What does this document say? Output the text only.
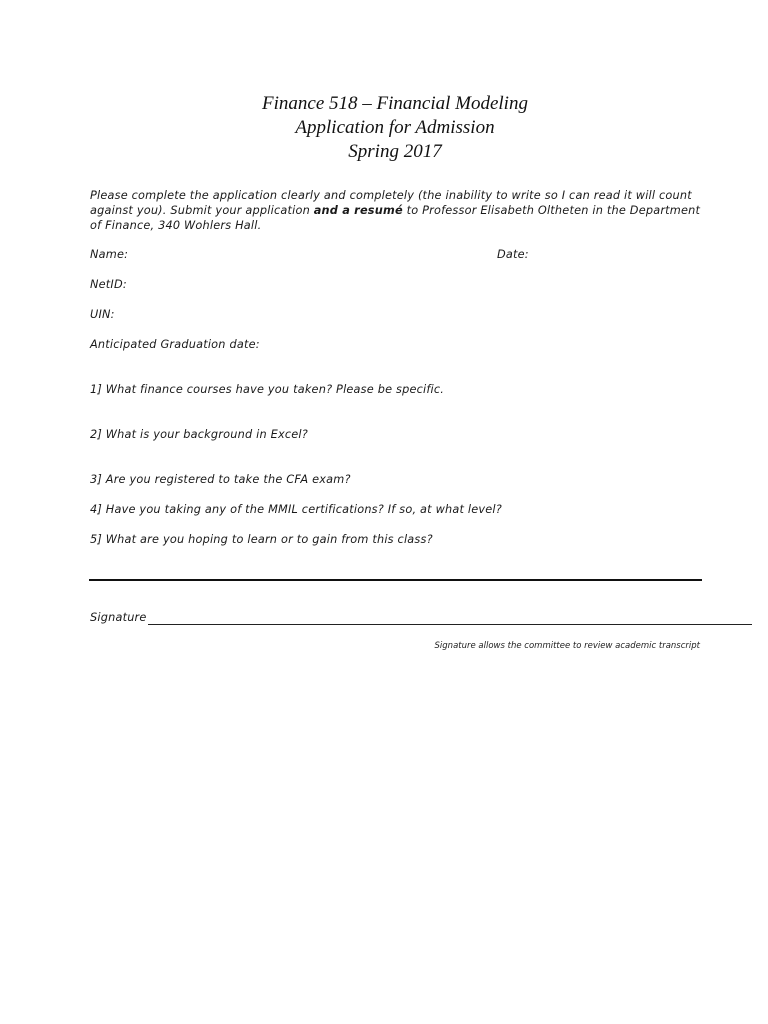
Finance 518 – Financial Modeling
Application for Admission
Spring 2017
Please complete the application clearly and completely (the inability to write so I can read it will count against you). Submit your application and a resumé to Professor Elisabeth Oltheten in the Department of Finance, 340 Wohlers Hall.
Name:	Date:
NetID:
UIN:
Anticipated Graduation date:
1] What finance courses have you taken? Please be specific.
2] What is your background in Excel?
3] Are you registered to take the CFA exam?
4] Have you taking any of the MMIL certifications? If so, at what level?
5] What are you hoping to learn or to gain from this class?
Signature
Signature allows the committee to review academic transcript
